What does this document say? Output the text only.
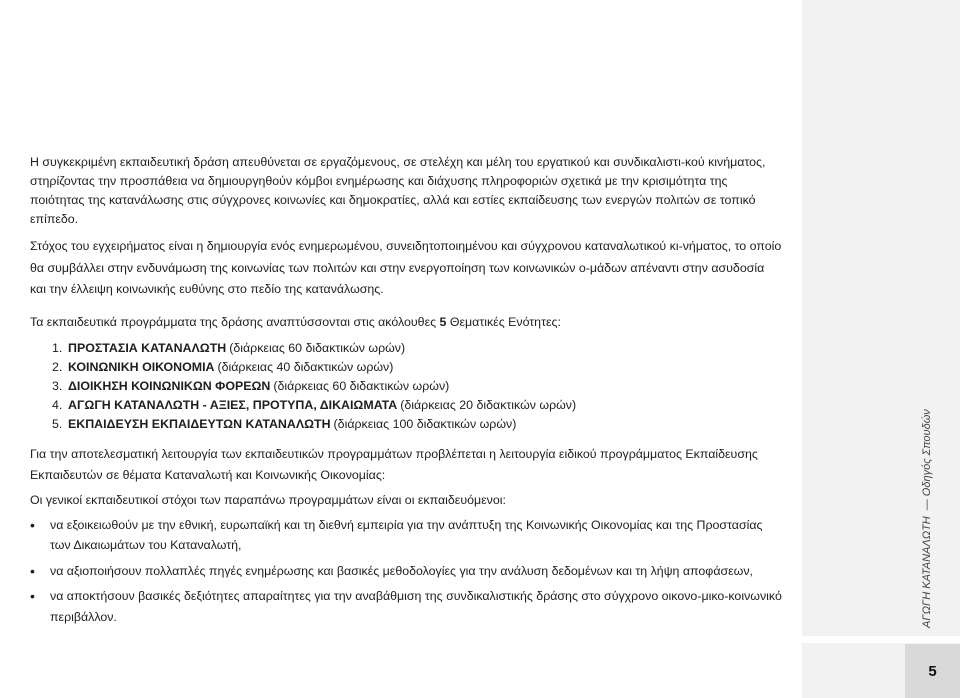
5
ΑΓΩΓΗ ΚΑΤΑΝΑΛΩΤΗ— Οδηγός Σπουδών
Η συγκεκριμένη εκπαιδευτική δράση απευθύνεται σε εργαζόμενους, σε στελέχη και μέλη του εργατικού και συνδικαλιστι-κού κινήματος, στηρίζοντας την προσπάθεια να δημιουργηθούν κόμβοι ενημέρωσης και διάχυσης πληροφοριών σχετικά με την κρισιμότητα της ποιότητας της κατανάλωσης στις σύγχρονες κοινωνίες και δημοκρατίες, αλλά και εστίες εκπαίδευσης των ενεργών πολιτών σε τοπικό επίπεδο.

Στόχος του εγχειρήματος είναι η δημιουργία ενός ενημερωμένου, συνειδητοποιημένου και σύγχρονου καταναλωτικού κι-νήματος, το οποίο θα συμβάλλει στην ενδυνάμωση της κοινωνίας των πολιτών και στην ενεργοποίηση των κοινωνικών ο-μάδων απέναντι στην ασυδοσία και την έλλειψη κοινωνικής ευθύνης στο πεδίο της κατανάλωσης.

Τα εκπαιδευτικά προγράμματα της δράσης αναπτύσσονται στις ακόλουθες 5 Θεματικές Ενότητες:

1. ΠΡΟΣΤΑΣΙΑ ΚΑΤΑΝΑΛΩΤΗ (διάρκειας 60 διδακτικών ωρών)
2. ΚΟΙΝΩΝΙΚΗ ΟΙΚΟΝΟΜΙΑ (διάρκειας 40 διδακτικών ωρών)
3. ΔΙΟΙΚΗΣΗ ΚΟΙΝΩΝΙΚΩΝ ΦΟΡΕΩΝ (διάρκειας 60 διδακτικών ωρών)
4. ΑΓΩΓΗ ΚΑΤΑΝΑΛΩΤΗ - ΑΞΙΕΣ, ΠΡΟΤΥΠΑ, ΔΙΚΑΙΩΜΑΤΑ (διάρκειας 20 διδακτικών ωρών)
5. ΕΚΠΑΙΔΕΥΣΗ ΕΚΠΑΙΔΕΥΤΩΝ ΚΑΤΑΝΑΛΩΤΗ (διάρκειας 100 διδακτικών ωρών)

Για την αποτελεσματική λειτουργία των εκπαιδευτικών προγραμμάτων προβλέπεται η λειτουργία ειδικού προγράμματος Εκπαίδευσης Εκπαιδευτών σε θέματα Καταναλωτή και Κοινωνικής Οικονομίας:

Οι γενικοί εκπαιδευτικοί στόχοι των παραπάνω προγραμμάτων είναι οι εκπαιδευόμενοι:

• να εξοικειωθούν με την εθνική, ευρωπαϊκή και τη διεθνή εμπειρία για την ανάπτυξη της Κοινωνικής Οικονομίας και της Προστασίας των Δικαιωμάτων του Καταναλωτή,
• να αξιοποιήσουν πολλαπλές πηγές ενημέρωσης και βασικές μεθοδολογίες για την ανάλυση δεδομένων και τη λήψη αποφάσεων,
• να αποκτήσουν βασικές δεξιότητες απαραίτητες για την αναβάθμιση της συνδικαλιστικής δράσης στο σύγχρονο οικονο-μικο-κοινωνικό περιβάλλον.
